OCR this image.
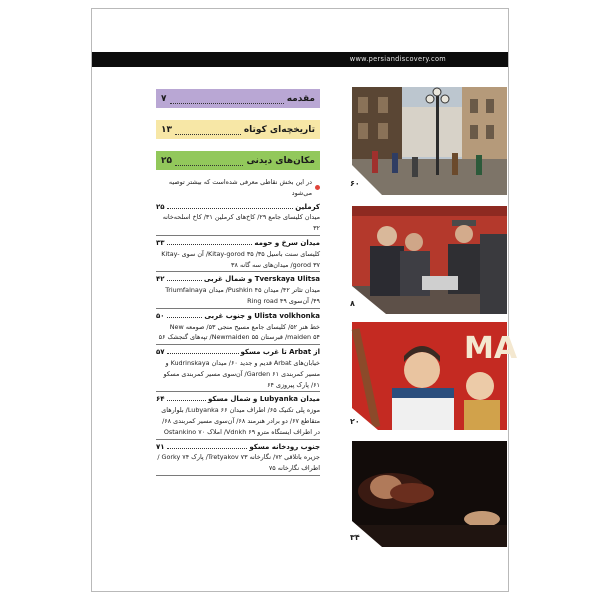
www.persiandiscovery.com
مقدمه
۷
تاریخچه‌ای کوتاه
۱۳
مکان‌های دیدنی
۲۵
در این بخش نقاطی معرفی شده‌است که بیشتر توصیه می‌شود
کرملین
۲۵
میدان کلیسای جامع ۲۹/ کاخ‌های کرملین ۳۱/ کاخ اسلحه‌خانه ۳۲
میدان سرخ و حومه
۳۳
کلیسای سنت باسیل ۳۵/ Kitay-gorod ۳۵/ آن سوی Kitay-gorod ۳۷/ میدان‌های سه گانه ۳۸
Tverskaya Ulitsa و شمال غربی
۴۲
میدان تئاتر ۴۲/ میدان Pushkin ۴۵/ میدان Triumfalnaya ۴۹/ آن‌سوی Ring road ۴۹
Ulista volkhonka و جنوب غربی
۵۰
خط هنر ۵۲/ کلیسای جامع مسیح منجی ۵۳/ صومعه New maiden ۵۴/ قبرستان Newmaiden ۵۵/ تپه‌های گنجشک ۵۶
از Arbat تا غرب مسکو
۵۷
خیابان‌های Arbat قدیم و جدید ۶۰/ میدان Kudrinskaya و مسیر کمربندی Garden ۶۱/ آن‌سوی مسیر کمربندی مسکو ۶۱/ پارک پیروزی ۶۴
میدان Lubyanka و شمال مسکو
۶۴
موزه پلی تکنیک ۶۵/ اطراف میدان Lubyanka ۶۶/ بلوارهای متقاطع ۶۷/ دو برادر هنرمند ۶۸/ آن‌سوی مسیر کمربندی ۶۸/ در اطراف ایستگاه مترو Vdnkh ۶۹/ املاک Ostankino ۷۰
جنوب رودخانه مسکو
۷۱
جزیره باتلاقی ۷۲/ نگارخانه Tretyakov ۷۳/ پارک Gorky ۷۴ / اطراف نگارخانه ۷۵
۶۰
۸
МА
۲۰
۳۴
